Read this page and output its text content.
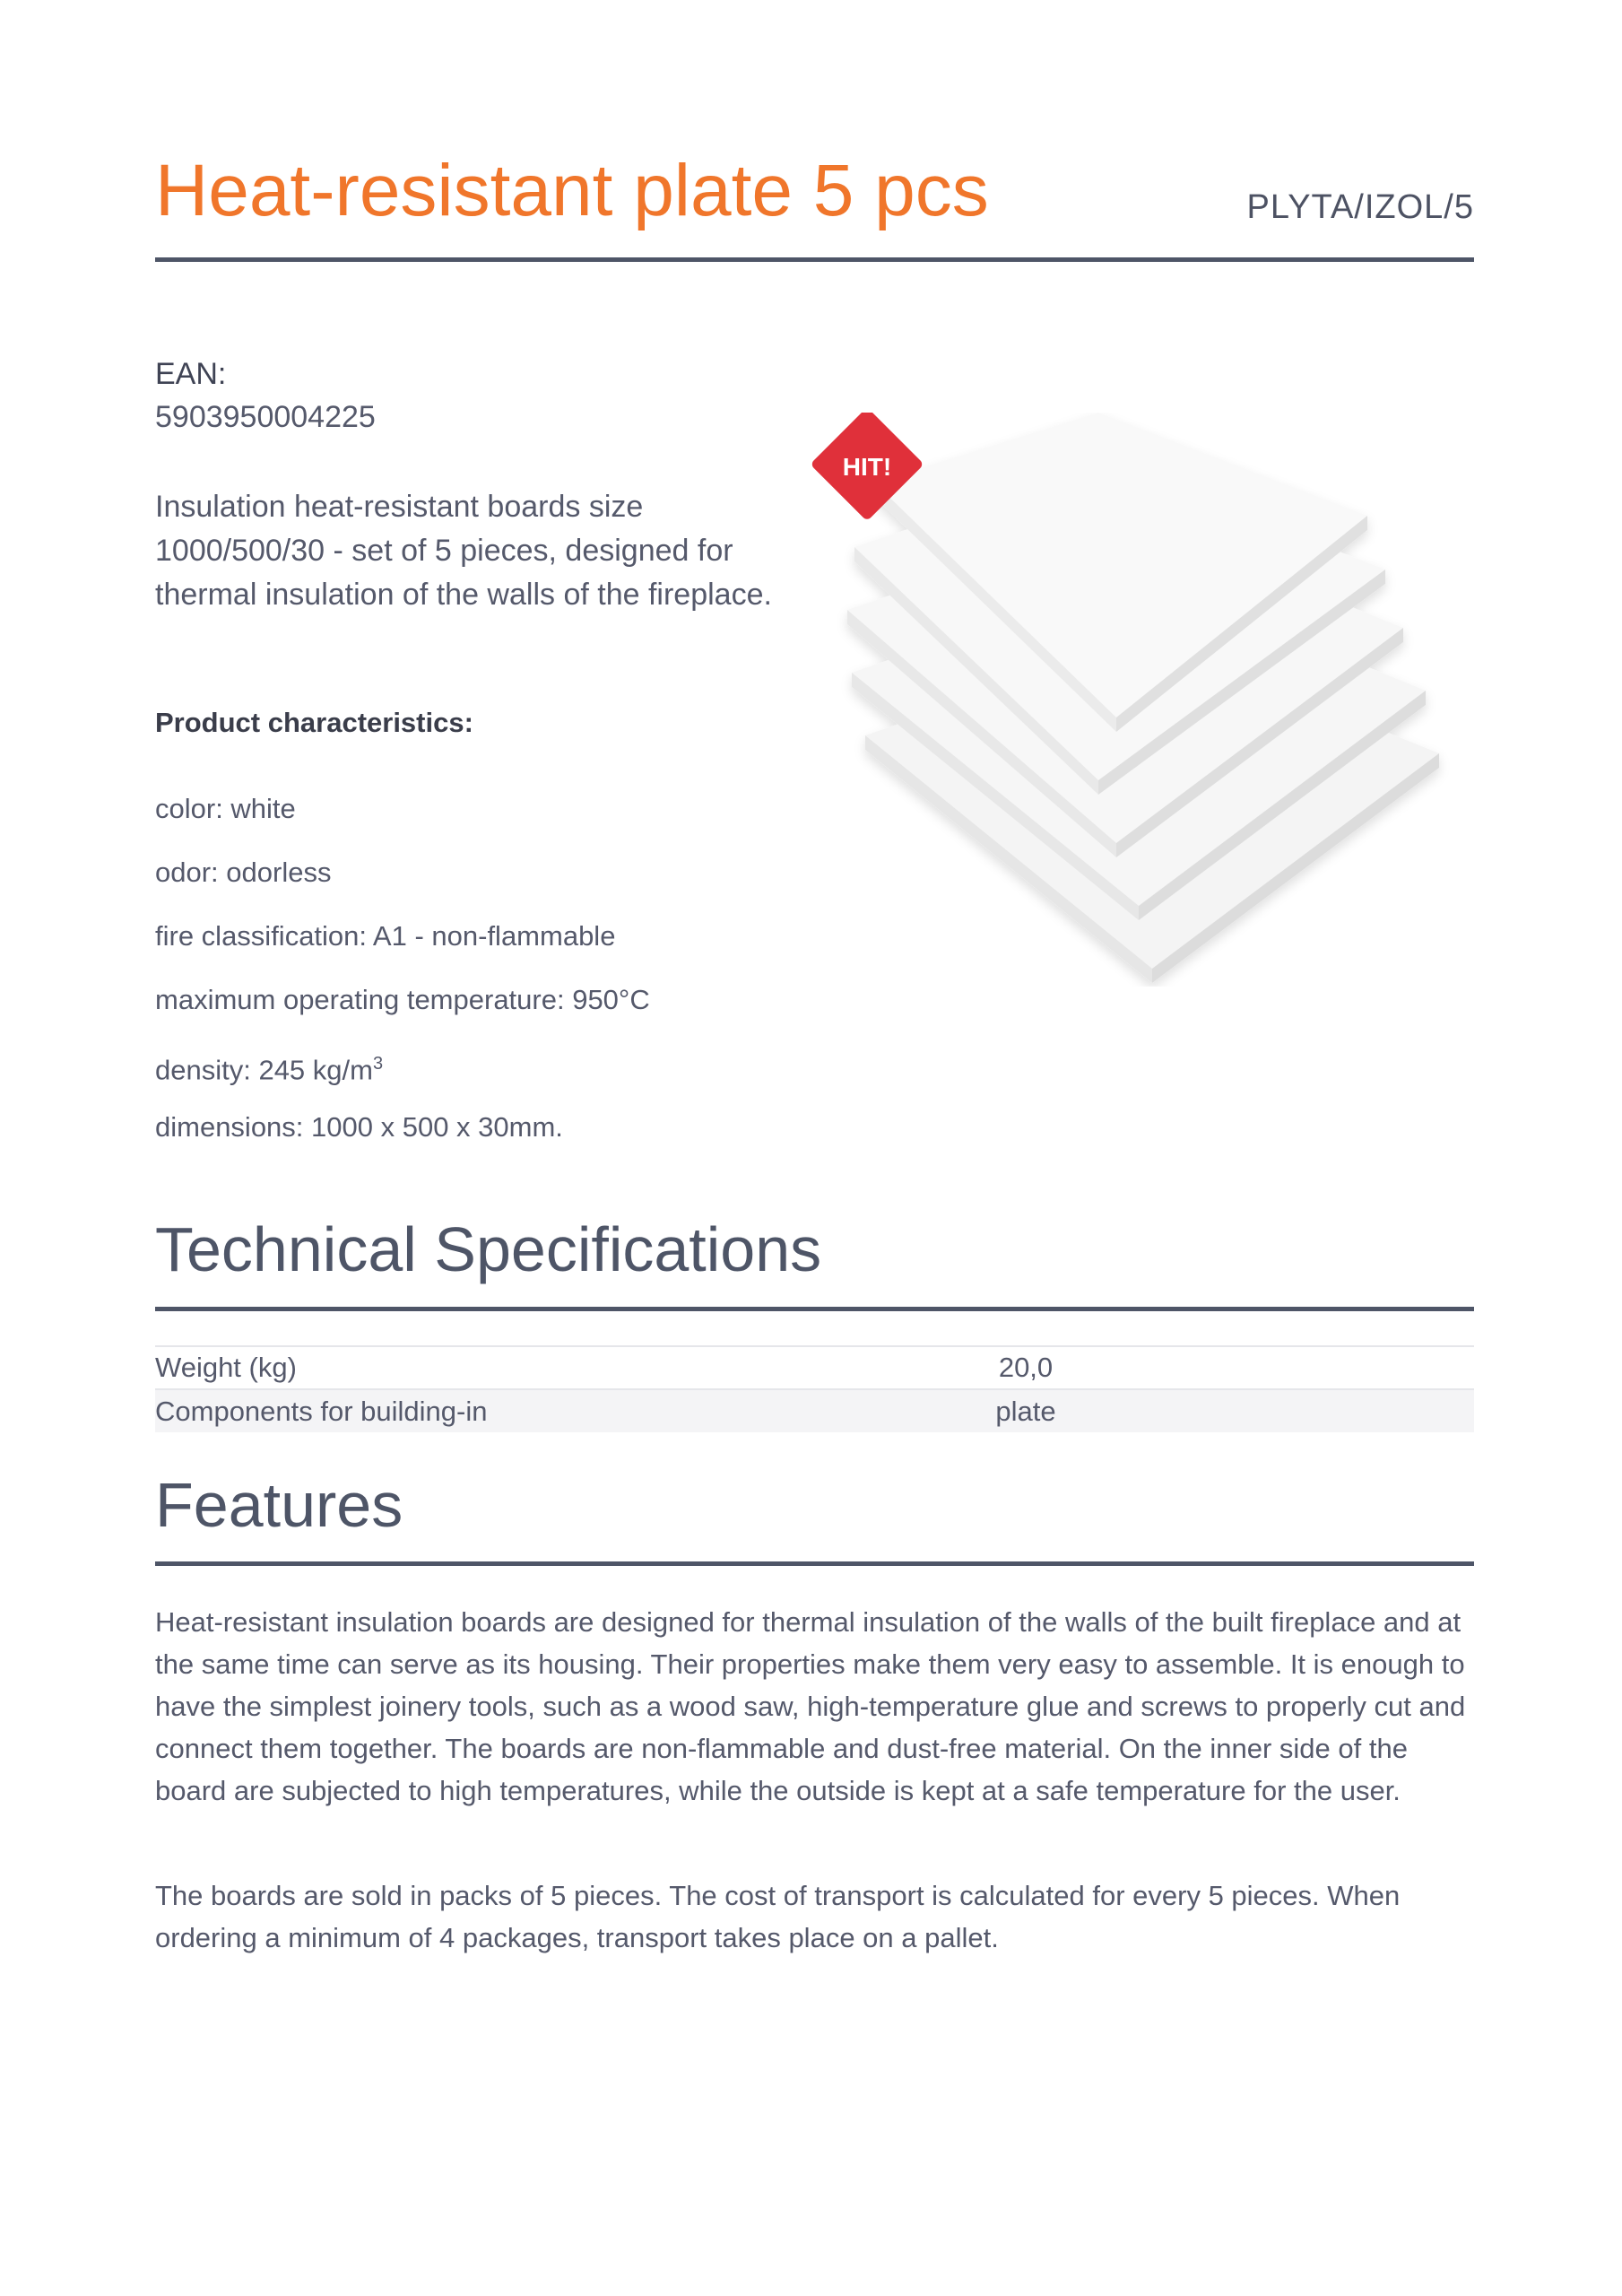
Heat-resistant plate 5 pcs	PLYTA/IZOL/5
EAN:
5903950004225

Insulation heat-resistant boards size 1000/500/30 - set of 5 pieces, designed for thermal insulation of the walls of the fireplace.

Product characteristics:
color: white
odor: odorless
fire classification: A1 - non-flammable
maximum operating temperature: 950°C
density: 245 $kg/m^3$
dimensions: 1000 x 500 x 30mm.
HIT!
Technical Specifications
Weight (kg)	20,0
Components for building-in	plate
Features

Heat-resistant insulation boards are designed for thermal insulation of the walls of the built fireplace and at the same time can serve as its housing. Their properties make them very easy to assemble. It is enough to have the simplest joinery tools, such as a wood saw, high-temperature glue and screws to properly cut and connect them together. The boards are non-flammable and dust-free material. On the inner side of the board are subjected to high temperatures, while the outside is kept at a safe temperature for the user.

The boards are sold in packs of 5 pieces. The cost of transport is calculated for every 5 pieces. When ordering a minimum of 4 packages, transport takes place on a pallet.
